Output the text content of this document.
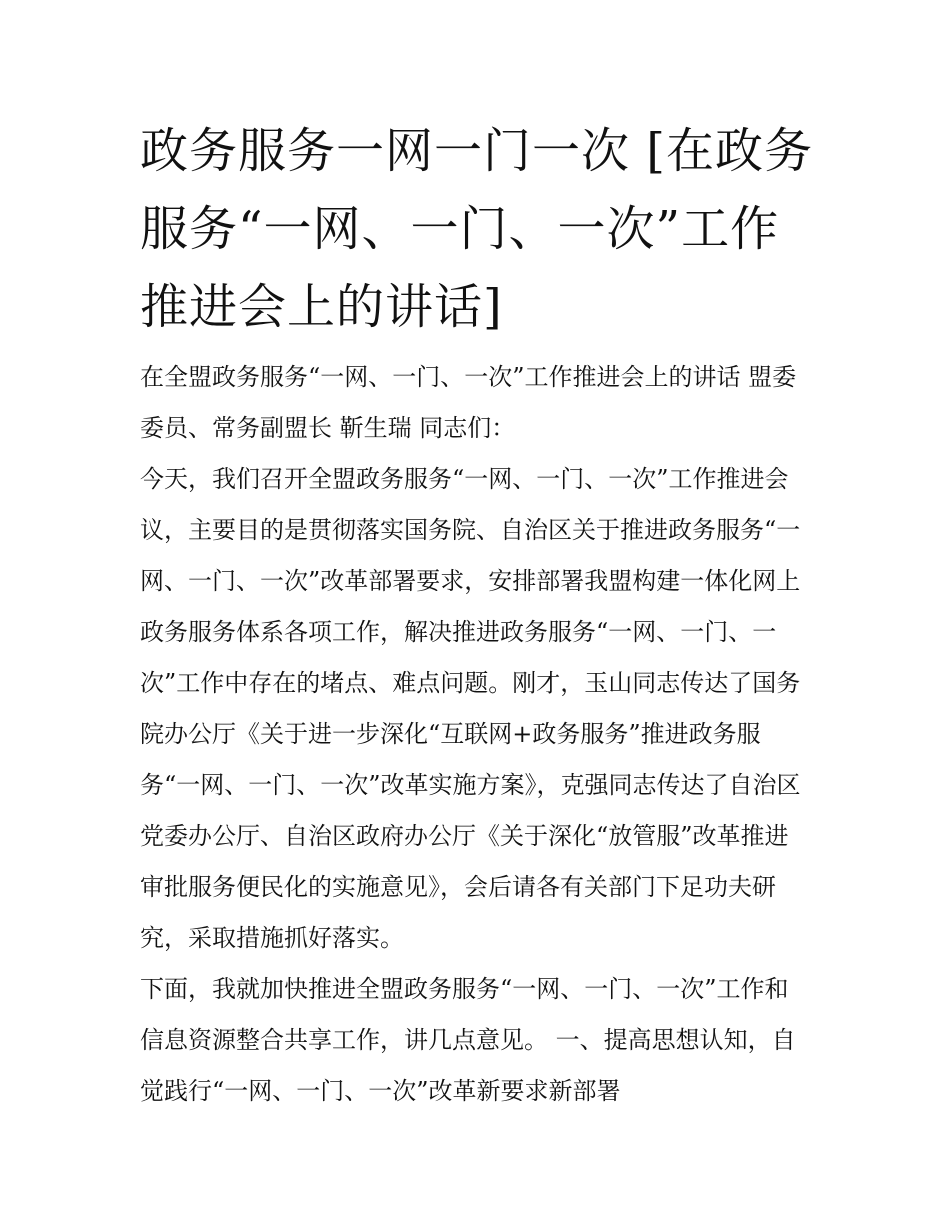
政务服务一网一门一次 [在政务服务“一网、一门、一次”工作推进会上的讲话]

在全盟政务服务“一网、一门、一次”工作推进会上的讲话 盟委委员、常务副盟长 靳生瑞 同志们：

今天，我们召开全盟政务服务“一网、一门、一次”工作推进会议，主要目的是贯彻落实国务院、自治区关于推进政务服务“一网、一门、一次”改革部署要求，安排部署我盟构建一体化网上政务服务体系各项工作，解决推进政务服务“一网、一门、一次”工作中存在的堵点、难点问题。刚才，玉山同志传达了国务院办公厅《关于进一步深化“互联网+政务服务”推进政务服务“一网、一门、一次”改革实施方案》，克强同志传达了自治区党委办公厅、自治区政府办公厅《关于深化“放管服”改革推进审批服务便民化的实施意见》，会后请各有关部门下足功夫研究，采取措施抓好落实。

下面，我就加快推进全盟政务服务“一网、一门、一次”工作和信息资源整合共享工作，讲几点意见。 一、提高思想认知，自觉践行“一网、一门、一次”改革新要求新部署
